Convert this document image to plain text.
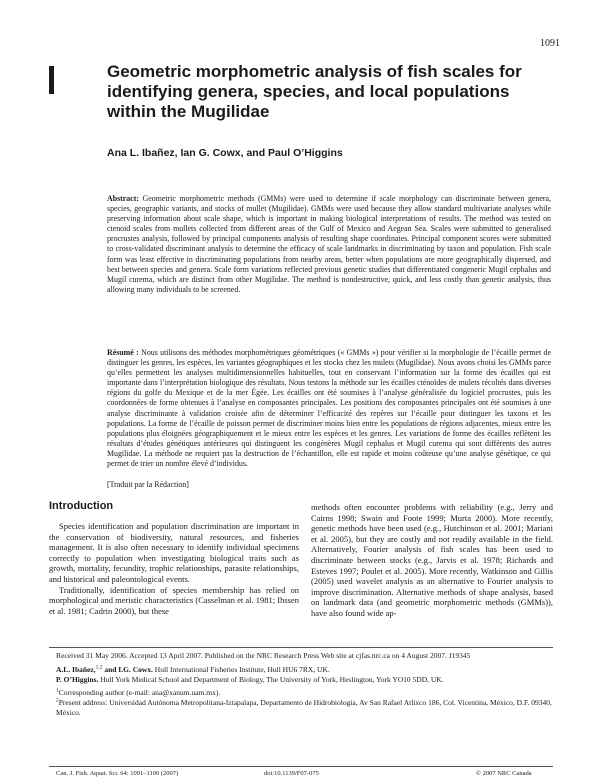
1091
Geometric morphometric analysis of fish scales for identifying genera, species, and local populations within the Mugilidae
Ana L. Ibañez, Ian G. Cowx, and Paul O’Higgins

Abstract: Geometric morphometric methods (GMMs) were used to determine if scale morphology can discriminate between genera, species, geographic variants, and stocks of mullet (Mugilidae). GMMs were used because they allow standard multivariate analyses while preserving information about scale shape, which is important in making biological interpretations of results. The method was tested on ctenoid scales from mullets collected from different areas of the Gulf of Mexico and Aegean Sea. Scales were submitted to generalised procrustes analysis, followed by principal components analysis of resulting shape coordinates. Principal component scores were submitted to cross-validated discriminant analysis to determine the efficacy of scale landmarks in discriminating by taxon and population. Fish scale form was least effective in discriminating populations from nearby areas, better when populations are more geographically dispersed, and best between species and genera. Scale form variations reflected previous genetic studies that differentiated congeneric Mugil cephalus and Mugil curema, which are distinct from other Mugilidae. The method is nondestructive, quick, and less costly than genetic analysis, thus allowing many individuals to be screened.

Résumé : Nous utilisons des méthodes morphométriques géométriques (« GMMs ») pour vérifier si la morphologie de l’écaille permet de distinguer les genres, les espèces, les variantes géographiques et les stocks chez les mulets (Mugilidae). Nous avons choisi les GMMs parce qu’elles permettent les analyses multidimensionnelles habituelles, tout en conservant l’information sur la forme des écailles qui est importante dans l’interprétation biologique des résultats. Nous testons la méthode sur les écailles cténoïdes de mulets récoltés dans diverses régions du golfe du Mexique et de la mer Égée. Les écailles ont été soumises à l’analyse généralisée du logiciel procrustes, puis les coordonnées de forme obtenues à l’analyse en composantes principales. Les positions des composantes principales ont été soumises à une analyse discriminante à validation croisée afin de déterminer l’efficacité des repères sur l’écaille pour distinguer les taxons et les populations. La forme de l’écaille de poisson permet de discriminer moins bien entre les populations de régions adjacentes, mieux entre les populations plus éloignées géographiquement et le mieux entre les espèces et les genres. Les variations de forme des écailles reflètent les résultats d’études génétiques antérieures qui distinguent les congénères Mugil cephalus et Mugil curema qui sont différents des autres Mugilidae. La méthode ne requiert pas la destruction de l’échantillon, elle est rapide et moins coûteuse qu’une analyse génétique, ce qui permet de trier un nombre élevé d’individus.

[Traduit par la Rédaction]
Introduction

Species identification and population discrimination are important in the conservation of biodiversity, natural resources, and fisheries management. It is also often necessary to identify individual specimens correctly to population when investigating biological traits such as growth, mortality, fecundity, trophic relationships, parasite relationships, and historical and paleontological events.

Traditionally, identification of species membership has relied on morphological and meristic characteristics (Casselman et al. 1981; Ihssen et al. 1981; Cadrin 2000), but these

methods often encounter problems with reliability (e.g., Jerry and Cairns 1998; Swain and Foote 1999; Murta 2000). More recently, genetic methods have been used (e.g., Hutchinson et al. 2001; Mariani et al. 2005), but they are costly and not readily available in the field. Alternatively, Fourier analysis of fish scales has been used to discriminate between stocks (e.g., Jarvis et al. 1978; Richards and Esteves 1997; Poulet et al. 2005). More recently, Watkinson and Gillis (2005) used wavelet analysis as an alternative to Fourier analysis to improve discrimination. Alternative methods of shape analysis, based on landmark data (and geometric morphometric methods (GMMs)), have also found wide ap-

Received 31 May 2006. Accepted 13 April 2007. Published on the NRC Research Press Web site at cjfas.nrc.ca on 4 August 2007. J19345
A.L. Ibañez,$^{1,2}$ and I.G. Cowx. Hull International Fisheries Institute, Hull HU6 7RX, UK.
P. O’Higgins. Hull York Medical School and Department of Biology, The University of York, Heslington, York YO10 5DD, UK.
$^1$Corresponding author (e-mail: ana@xanum.uam.mx).
$^2$Present address: Universidad Autónoma Metropolitana-Iztapalapa, Departamento de Hidrobiología, Av San Rafael Atlixco 186, Col. Vicentina, México, D.F. 09340, México.
Can. J. Fish. Aquat. Sci. 64: 1091–1100 (2007)	doi:10.1139/F07-075	© 2007 NRC Canada
